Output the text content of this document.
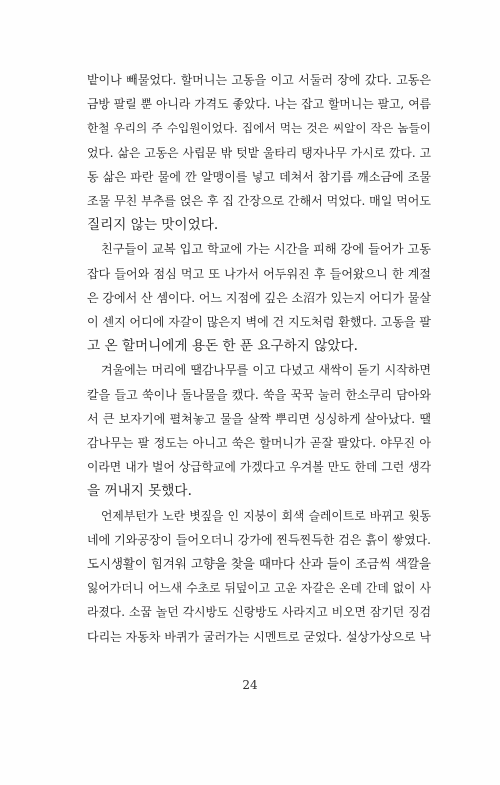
밭이나 빼물었다. 할머니는 고동을 이고 서둘러 장에 갔다. 고동은
금방 팔릴 뿐 아니라 가격도 좋았다. 나는 잡고 할머니는 팔고, 여름
한철 우리의 주 수입원이었다. 집에서 먹는 것은 씨알이 작은 놈들이
었다. 삶은 고동은 사립문 밖 텃밭 울타리 탱자나무 가시로 깠다. 고
동 삶은 파란 물에 깐 알맹이를 넣고 데쳐서 참기름 깨소금에 조물
조물 무친 부추를 얹은 후 집 간장으로 간해서 먹었다. 매일 먹어도
질리지 않는 맛이었다.
친구들이 교복 입고 학교에 가는 시간을 피해 강에 들어가 고동
잡다 들어와 점심 먹고 또 나가서 어두워진 후 들어왔으니 한 계절
은 강에서 산 셈이다. 어느 지점에 깊은 소沼가 있는지 어디가 물살
이 센지 어디에 자갈이 많은지 벽에 건 지도처럼 환했다. 고동을 팔
고 온 할머니에게 용돈 한 푼 요구하지 않았다.
겨울에는 머리에 땔감나무를 이고 다녔고 새싹이 돋기 시작하면
칼을 들고 쑥이나 돌나물을 캤다. 쑥을 꾹꾹 눌러 한소쿠리 담아와
서 큰 보자기에 펼쳐놓고 물을 살짝 뿌리면 싱싱하게 살아났다. 땔
감나무는 팔 정도는 아니고 쑥은 할머니가 곧잘 팔았다. 야무진 아
이라면 내가 벌어 상급학교에 가겠다고 우겨볼 만도 한데 그런 생각
을 꺼내지 못했다.
언제부턴가 노란 볏짚을 인 지붕이 회색 슬레이트로 바뀌고 윗동
네에 기와공장이 들어오더니 강가에 찐득찐득한 검은 흙이 쌓였다.
도시생활이 힘겨워 고향을 찾을 때마다 산과 들이 조금씩 색깔을
잃어가더니 어느새 수초로 뒤덮이고 고운 자갈은 온데 간데 없이 사
라졌다. 소꿉 놀던 각시방도 신랑방도 사라지고 비오면 잠기던 징검
다리는 자동차 바퀴가 굴러가는 시멘트로 굳었다. 설상가상으로 낙
24
